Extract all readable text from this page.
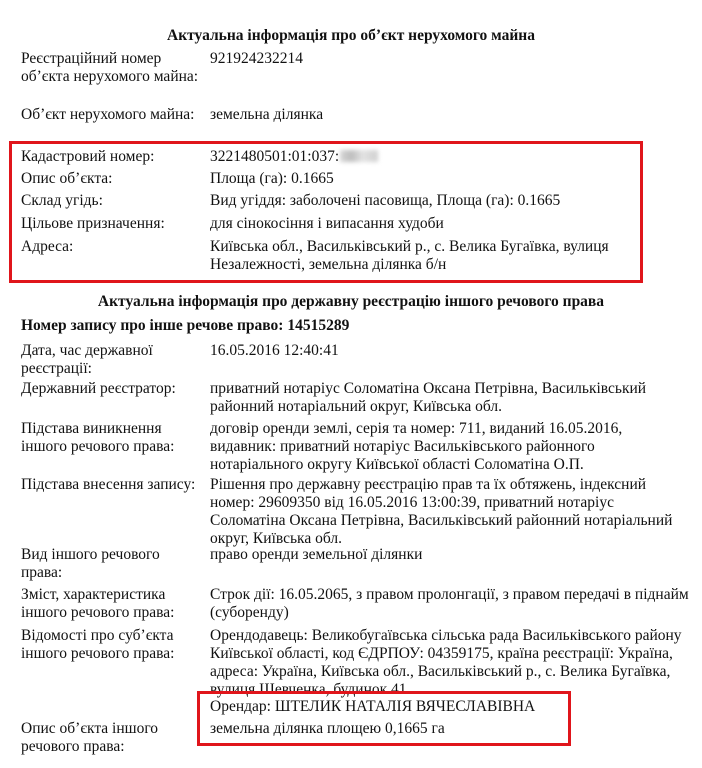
Актуальна інформація про об’єкт нерухомого майна
Реєстраційний номер об’єкта нерухомого майна:
921924232214
Об’єкт нерухомого майна:	земельна ділянка
Кадастровий номер:	3221480501:01:037:
Опис об’єкта:	Площа (га): 0.1665
Склад угідь:	Вид угіддя: заболочені пасовища, Площа (га): 0.1665
Цільове призначення:	для сінокосіння і випасання худоби
Адреса:	Київська обл., Васильківський р., с. Велика Бугаївка, вулиця Незалежності, земельна ділянка б/н
Актуальна інформація про державну реєстрацію іншого речового права
Номер запису про інше речове право: 14515289
Дата, час державної реєстрації:
16.05.2016 12:40:41
Державний реєстратор:	приватний нотаріус Соломатіна Оксана Петрівна, Васильківський районний нотаріальний округ, Київська обл.
Підстава виникнення іншого речового права:
договір оренди землі, серія та номер: 711, виданий 16.05.2016, видавник: приватний нотаріус Васильківського районного нотаріального округу Київської області Соломатіна О.П.
Підстава внесення запису: Рішення про державну реєстрацію прав та їх обтяжень, індексний номер: 29609350 від 16.05.2016 13:00:39, приватний нотаріус Соломатіна Оксана Петрівна, Васильківський районний нотаріальний округ, Київська обл.
Вид іншого речового права:
право оренди земельної ділянки
Зміст, характеристика іншого речового права:
Строк дії: 16.05.2065, з правом пролонгації, з правом передачі в піднайм (суборенду)
Відомості про суб’єкта іншого речового права:
Орендодавець: Великобугаївська сільська рада Васильківського району Київської області, код ЄДРПОУ: 04359175, країна реєстрації: Україна, адреса: Україна, Київська обл., Васильківський р., с. Велика Бугаївка, вулиця Шевченка, будинок 41
Орендар: ШТЕЛИК НАТАЛІЯ ВЯЧЕСЛАВІВНА
Опис об’єкта іншого речового права:
земельна ділянка площею 0,1665 га
